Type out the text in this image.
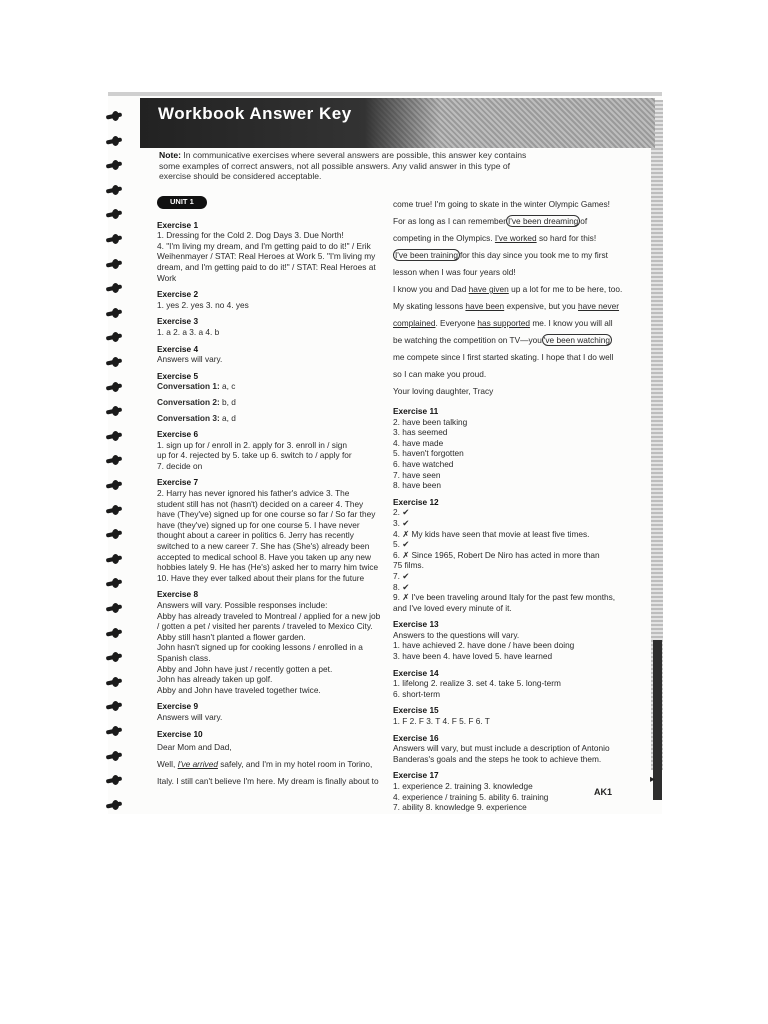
Workbook Answer Key
Note: In communicative exercises where several answers are possible, this answer key contains some examples of correct answers, not all possible answers. Any valid answer in this type of exercise should be considered acceptable.
UNIT 1
Exercise 1
1. Dressing for the Cold 2. Dog Days 3. Due North!
4. "I'm living my dream, and I'm getting paid to do it!" / Erik
Weihenmayer / STAT: Real Heroes at Work 5. "I'm living my
dream, and I'm getting paid to do it!" / STAT: Real Heroes at
Work
Exercise 2
1. yes 2. yes 3. no 4. yes
Exercise 3
1. a 2. a 3. a 4. b
Exercise 4
Answers will vary.
Exercise 5
Conversation 1: a, c
Conversation 2: b, d
Conversation 3: a, d
Exercise 6
1. sign up for / enroll in 2. apply for 3. enroll in / sign
up for 4. rejected by 5. take up 6. switch to / apply for
7. decide on
Exercise 7
2. Harry has never ignored his father's advice 3. The
student still has not (hasn't) decided on a career 4. They
have (They've) signed up for one course so far / So far they
have (they've) signed up for one course 5. I have never
thought about a career in politics 6. Jerry has recently
switched to a new career 7. She has (She's) already been
accepted to medical school 8. Have you taken up any new
hobbies lately 9. He has (He's) asked her to marry him twice
10. Have they ever talked about their plans for the future
Exercise 8
Answers will vary. Possible responses include:
Abby has already traveled to Montreal / applied for a new job
/ gotten a pet / visited her parents / traveled to Mexico City.
Abby still hasn't planted a flower garden.
John hasn't signed up for cooking lessons / enrolled in a
Spanish class.
Abby and John have just / recently gotten a pet.
John has already taken up golf.
Abby and John have traveled together twice.
Exercise 9
Answers will vary.
Exercise 10
Dear Mom and Dad,
Well, I've arrived safely, and I'm in my hotel room in Torino,
Italy. I still can't believe I'm here. My dream is finally about to
come true! I'm going to skate in the winter Olympic Games!
For as long as I can remember I've been dreaming of
competing in the Olympics. I've worked so hard for this!
I've been training for this day since you took me to my first
lesson when I was four years old!
I know you and Dad have given up a lot for me to be here, too.
My skating lessons have been expensive, but you have never
complained. Everyone has supported me. I know you will all
be watching the competition on TV—you 've been watching
me compete since I first started skating. I hope that I do well
so I can make you proud.
Your loving daughter, Tracy
Exercise 11
2. have been talking
3. has seemed
4. have made
5. haven't forgotten
6. have watched
7. have seen
8. have been
Exercise 12
2. ✔
3. ✔
4. ✗ My kids have seen that movie at least five times.
5. ✔
6. ✗ Since 1965, Robert De Niro has acted in more than
75 films.
7. ✔
8. ✔
9. ✗ I've been traveling around Italy for the past few months,
and I've loved every minute of it.
Exercise 13
Answers to the questions will vary.
1. have achieved 2. have done / have been doing
3. have been 4. have loved 5. have learned
Exercise 14
1. lifelong 2. realize 3. set 4. take 5. long-term
6. short-term
Exercise 15
1. F 2. F 3. T 4. F 5. F 6. T
Exercise 16
Answers will vary, but must include a description of Antonio
Banderas's goals and the steps he took to achieve them.
Exercise 17
1. experience 2. training 3. knowledge
4. experience / training 5. ability 6. training
7. ability 8. knowledge 9. experience
▸
AK1
